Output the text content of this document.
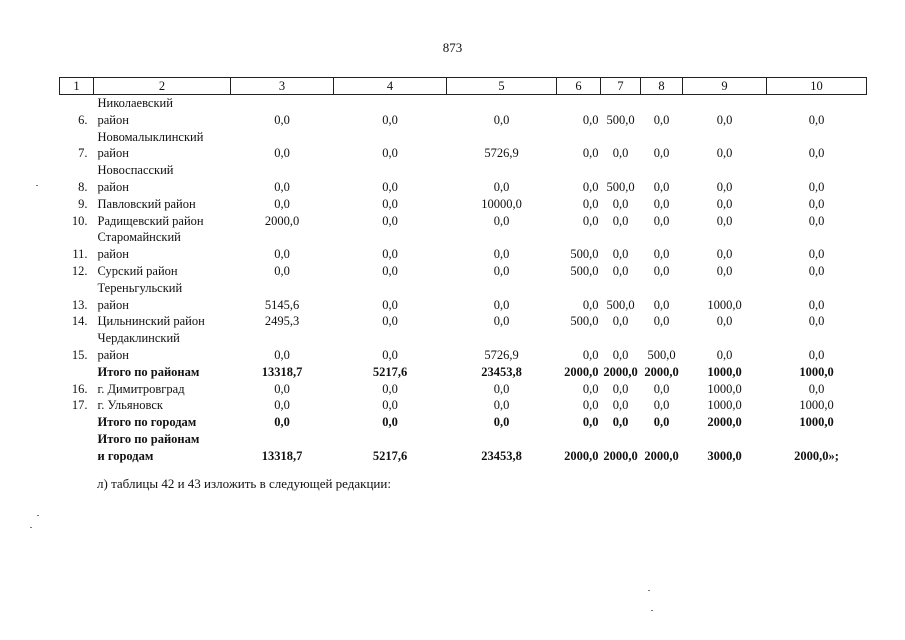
873
1	2	3	4	5	6	7	8	9	10
6.	Николаевский
район	0,0	0,0	0,0	0,0	500,0	0,0	0,0	0,0
7.	Новомалыклинский
район	0,0	0,0	5726,9	0,0	0,0	0,0	0,0	0,0
8.	Новоспасский
район	0,0	0,0	0,0	0,0	500,0	0,0	0,0	0,0
9.	Павловский район	0,0	0,0	10000,0	0,0	0,0	0,0	0,0	0,0
10.	Радищевский район	2000,0	0,0	0,0	0,0	0,0	0,0	0,0	0,0
11.	Старомайнский
район	0,0	0,0	0,0	500,0	0,0	0,0	0,0	0,0
12.	Сурский район	0,0	0,0	0,0	500,0	0,0	0,0	0,0	0,0
13.	Тереньгульский
район	5145,6	0,0	0,0	0,0	500,0	0,0	1000,0	0,0
14.	Цильнинский район	2495,3	0,0	0,0	500,0	0,0	0,0	0,0	0,0
15.	Чердаклинский
район	0,0	0,0	5726,9	0,0	0,0	500,0	0,0	0,0

	Итого по районам	13318,7	5217,6	23453,8	2000,0	2000,0	2000,0	1000,0	1000,0
16.	г. Димитровград	0,0	0,0	0,0	0,0	0,0	0,0	1000,0	0,0
17.	г. Ульяновск	0,0	0,0	0,0	0,0	0,0	0,0	1000,0	1000,0

	Итого по городам	0,0	0,0	0,0	0,0	0,0	0,0	2000,0	1000,0

	Итого по районам
и городам	13318,7	5217,6	23453,8	2000,0	2000,0	2000,0	3000,0	2000,0»;
л) таблицы 42 и 43 изложить в следующей редакции:
